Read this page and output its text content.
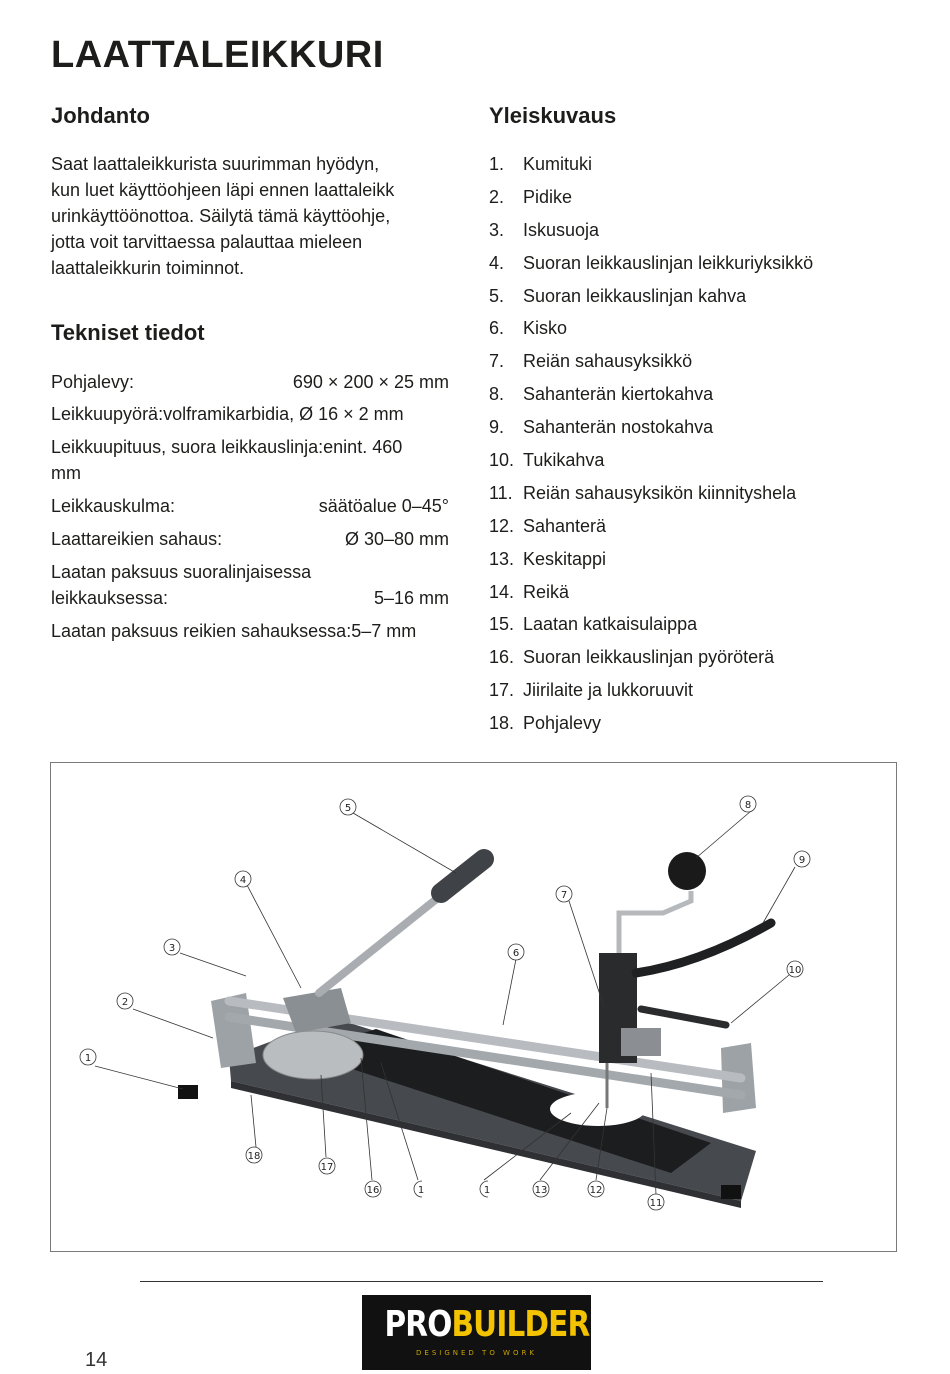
LAATTALEIKKURI
Johdanto
Saat laattaleikkurista suurimman hyödyn,
kun luet käyttöohjeen läpi ennen laattaleikk
urinkäyttöönottoa. Säilytä tämä käyttöohje,
jotta voit tarvittaessa palauttaa mieleen
laattaleikkurin toiminnot.
Tekniset tiedot
Pohjalevy:	690 × 200 × 25 mm
Leikkuupyörä: volframikarbidia, Ø 16 × 2 mm
Leikkuupituus, suora leikkauslinja: enint. 460
mm
Leikkauskulma:	säätöalue 0–45°
Laattareikien sahaus:	Ø 30–80 mm
Laatan paksuus suoralinjaisessa
leikkauksessa:	5–16 mm
Laatan paksuus reikien sahauksessa: 5–7 mm
Yleiskuvaus
1.	Kumituki
2.	Pidike
3.	Iskusuoja
4.	Suoran leikkauslinjan leikkuriyksikkö
5.	Suoran leikkauslinjan kahva
6.	Kisko
7.	Reiän sahausyksikkö
8.	Sahanterän kiertokahva
9.	Sahanterän nostokahva
10. Tukikahva
11. Reiän sahausyksikön kiinnityshela
12. Sahanterä
13. Keskitappi
14. Reikä
15. Laatan katkaisulaippa
16. Suoran leikkauslinjan pyöröterä
17. Jiirilaite ja lukkoruuvit
18. Pohjalevy
5	8
9
4
7
3	6
10
2
1
18
17
16	1	1	13	12
11
PROBUILDER
DESIGNED TO WORK
14
